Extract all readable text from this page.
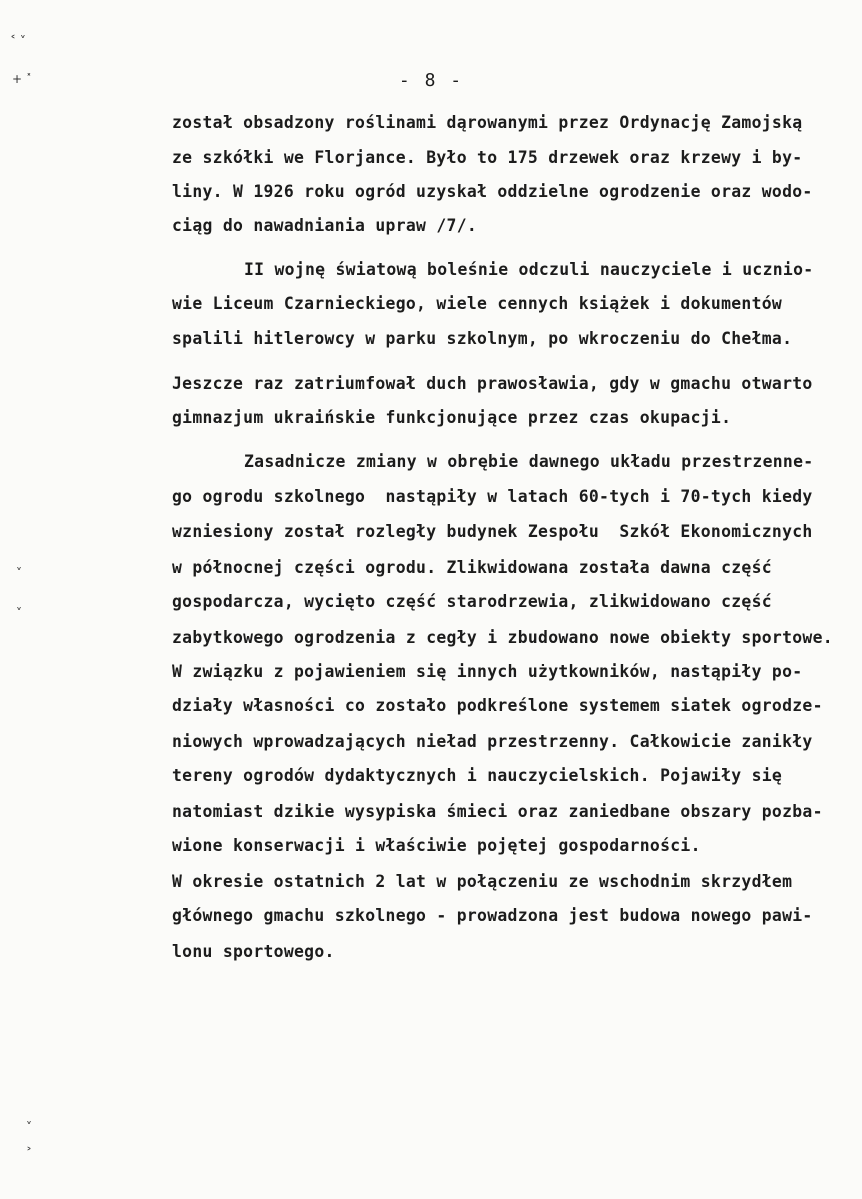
˂ ˅
+ ˟
˅
˅
˅
˃
- 8 -

został obsadzony roślinami dąrowanymi przez Ordynację Zamojską

ze szkółki we Florjance. Było to 175 drzewek oraz krzewy i by-

liny. W 1926 roku ogród uzyskał oddzielne ogrodzenie oraz wodo-

ciąg do nawadniania upraw /7/.

II wojnę światową boleśnie odczuli nauczyciele i ucznio-

wie Liceum Czarnieckiego, wiele cennych książek i dokumentów

spalili hitlerowcy w parku szkolnym, po wkroczeniu do Chełma.

Jeszcze raz zatriumfował duch prawosławia, gdy w gmachu otwarto

gimnazjum ukraińskie funkcjonujące przez czas okupacji.

Zasadnicze zmiany w obrębie dawnego układu przestrzenne-

go ogrodu szkolnego  nastąpiły w latach 60-tych i 70-tych kiedy

wzniesiony został rozległy budynek Zespołu  Szkół Ekonomicznych

w północnej części ogrodu. Zlikwidowana została dawna część

gospodarcza, wycięto część starodrzewia, zlikwidowano część

zabytkowego ogrodzenia z cegły i zbudowano nowe obiekty sportowe.

W związku z pojawieniem się innych użytkowników, nastąpiły po-

działy własności co zostało podkreślone systemem siatek ogrodze-

niowych wprowadzających nieład przestrzenny. Całkowicie zanikły

tereny ogrodów dydaktycznych i nauczycielskich. Pojawiły się

natomiast dzikie wysypiska śmieci oraz zaniedbane obszary pozba-

wione konserwacji i właściwie pojętej gospodarności.

W okresie ostatnich 2 lat w połączeniu ze wschodnim skrzydłem

głównego gmachu szkolnego - prowadzona jest budowa nowego pawi-

lonu sportowego.
